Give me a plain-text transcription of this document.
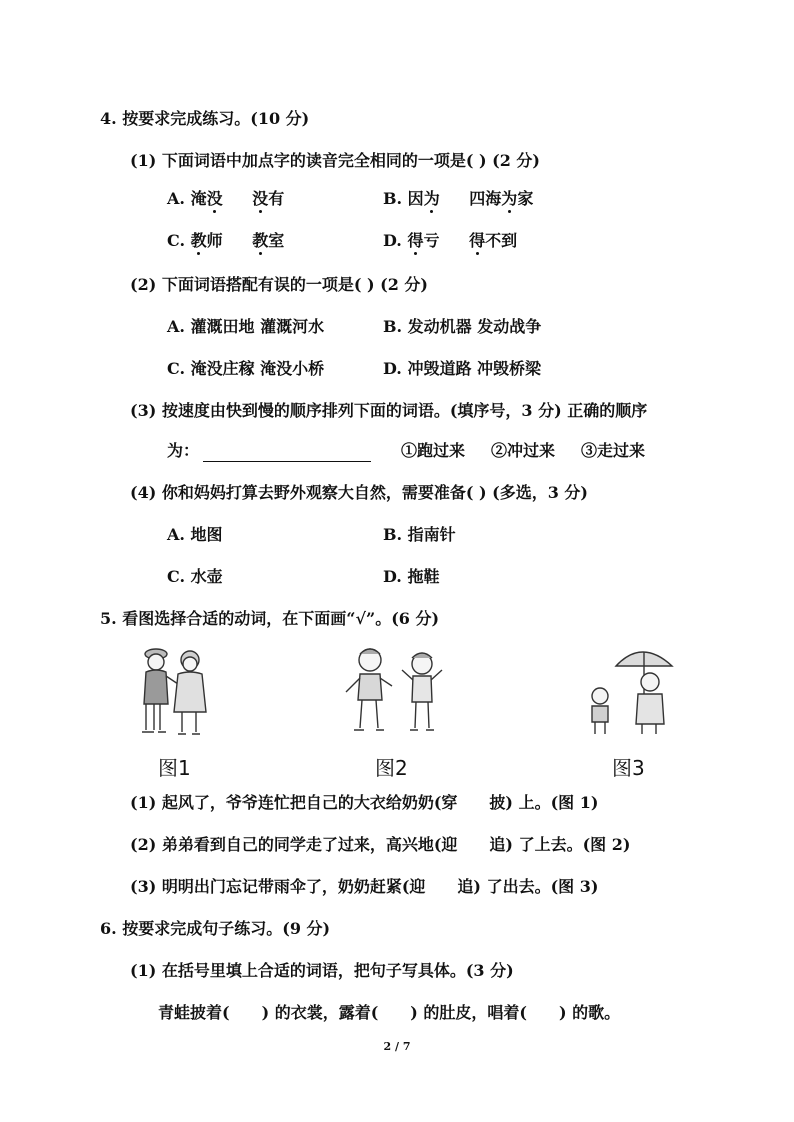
4. 按要求完成练习。(10 分)
(1) 下面词语中加点字的读音完全相同的一项是( ) (2 分)
A. 淹没 没有	B. 因为 四海为家
C. 教师 教室	D. 得亏 得不到
(2) 下面词语搭配有误的一项是( ) (2 分)
A. 灌溉田地 灌溉河水	B. 发动机器 发动战争
C. 淹没庄稼 淹没小桥	D. 冲毁道路 冲毁桥梁
(3) 按速度由快到慢的顺序排列下面的词语。(填序号，3 分) 正确的顺序
为：	①跑过来 ②冲过来 ③走过来
(4) 你和妈妈打算去野外观察大自然，需要准备( ) (多选，3 分)
A. 地图	B. 指南针
C. 水壶	D. 拖鞋
5. 看图选择合适的动词，在下面画“√”。(6 分)
图1	图2	图3
(1) 起风了，爷爷连忙把自己的大衣给奶奶(穿 披) 上。(图 1)
(2) 弟弟看到自己的同学走了过来，高兴地(迎 追) 了上去。(图 2)
(3) 明明出门忘记带雨伞了，奶奶赶紧(迎 追) 了出去。(图 3)
6. 按要求完成句子练习。(9 分)
(1) 在括号里填上合适的词语，把句子写具体。(3 分)
青蛙披着(　　) 的衣裳，露着(　　) 的肚皮，唱着(　　) 的歌。
2 / 7
